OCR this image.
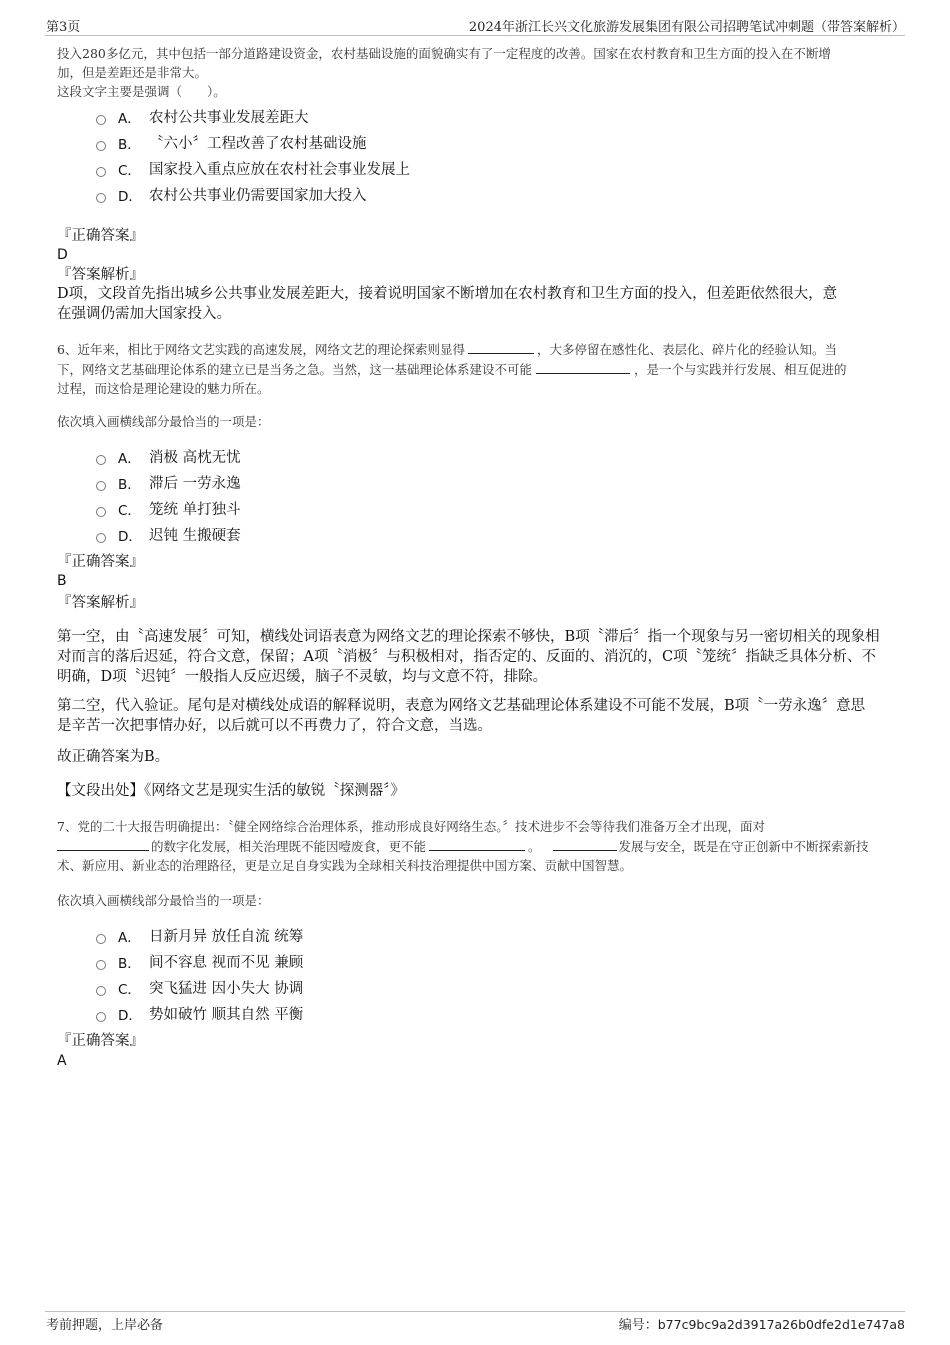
第3页	2024年浙江长兴文化旅游发展集团有限公司招聘笔试冲刺题（带答案解析）
投入280多亿元，其中包括一部分道路建设资金，农村基础设施的面貌确实有了一定程度的改善。国家在农村教育和卫生方面的投入在不断增
加，但是差距还是非常大。
这段文字主要是强调（　　）。
A． 农村公共事业发展差距大
B． 〝六小〞工程改善了农村基础设施
C． 国家投入重点应放在农村社会事业发展上
D． 农村公共事业仍需要国家加大投入
『正确答案』
D
『答案解析』
D项，文段首先指出城乡公共事业发展差距大，接着说明国家不断增加在农村教育和卫生方面的投入，但差距依然很大，意
在强调仍需加大国家投入。
6、近年来，相比于网络文艺实践的高速发展，网络文艺的理论探索则显得	，大多停留在感性化、表层化、碎片化的经验认知。当
下，网络文艺基础理论体系的建立已是当务之急。当然，这一基础理论体系建设不可能	，是一个与实践并行发展、相互促进的
过程，而这恰是理论建设的魅力所在。
依次填入画横线部分最恰当的一项是：
A． 消极 高枕无忧
B． 滞后 一劳永逸
C． 笼统 单打独斗
D． 迟钝 生搬硬套
『正确答案』
B
『答案解析』
第一空，由〝高速发展〞可知，横线处词语表意为网络文艺的理论探索不够快，B项〝滞后〞指一个现象与另一密切相关的现象相
对而言的落后迟延，符合文意，保留；A项〝消极〞与积极相对，指否定的、反面的、消沉的，C项〝笼统〞指缺乏具体分析、不
明确，D项〝迟钝〞一般指人反应迟缓，脑子不灵敏，均与文意不符，排除。
第二空，代入验证。尾句是对横线处成语的解释说明，表意为网络文艺基础理论体系建设不可能不发展，B项〝一劳永逸〞意思
是辛苦一次把事情办好，以后就可以不再费力了，符合文意，当选。
故正确答案为B。
【文段出处】《网络文艺是现实生活的敏锐〝探测器〞》
7、党的二十大报告明确提出：〝健全网络综合治理体系，推动形成良好网络生态。〞技术进步不会等待我们准备万全才出现，面对
的数字化发展，相关治理既不能因噎废食，更不能	。	发展与安全，既是在守正创新中不断探索新技
术、新应用、新业态的治理路径，更是立足自身实践为全球相关科技治理提供中国方案、贡献中国智慧。
依次填入画横线部分最恰当的一项是：
A． 日新月异 放任自流 统筹
B． 间不容息 视而不见 兼顾
C． 突飞猛进 因小失大 协调
D． 势如破竹 顺其自然 平衡
『正确答案』
A
考前押题，上岸必备	编号：b77c9bc9a2d3917a26b0dfe2d1e747a8
